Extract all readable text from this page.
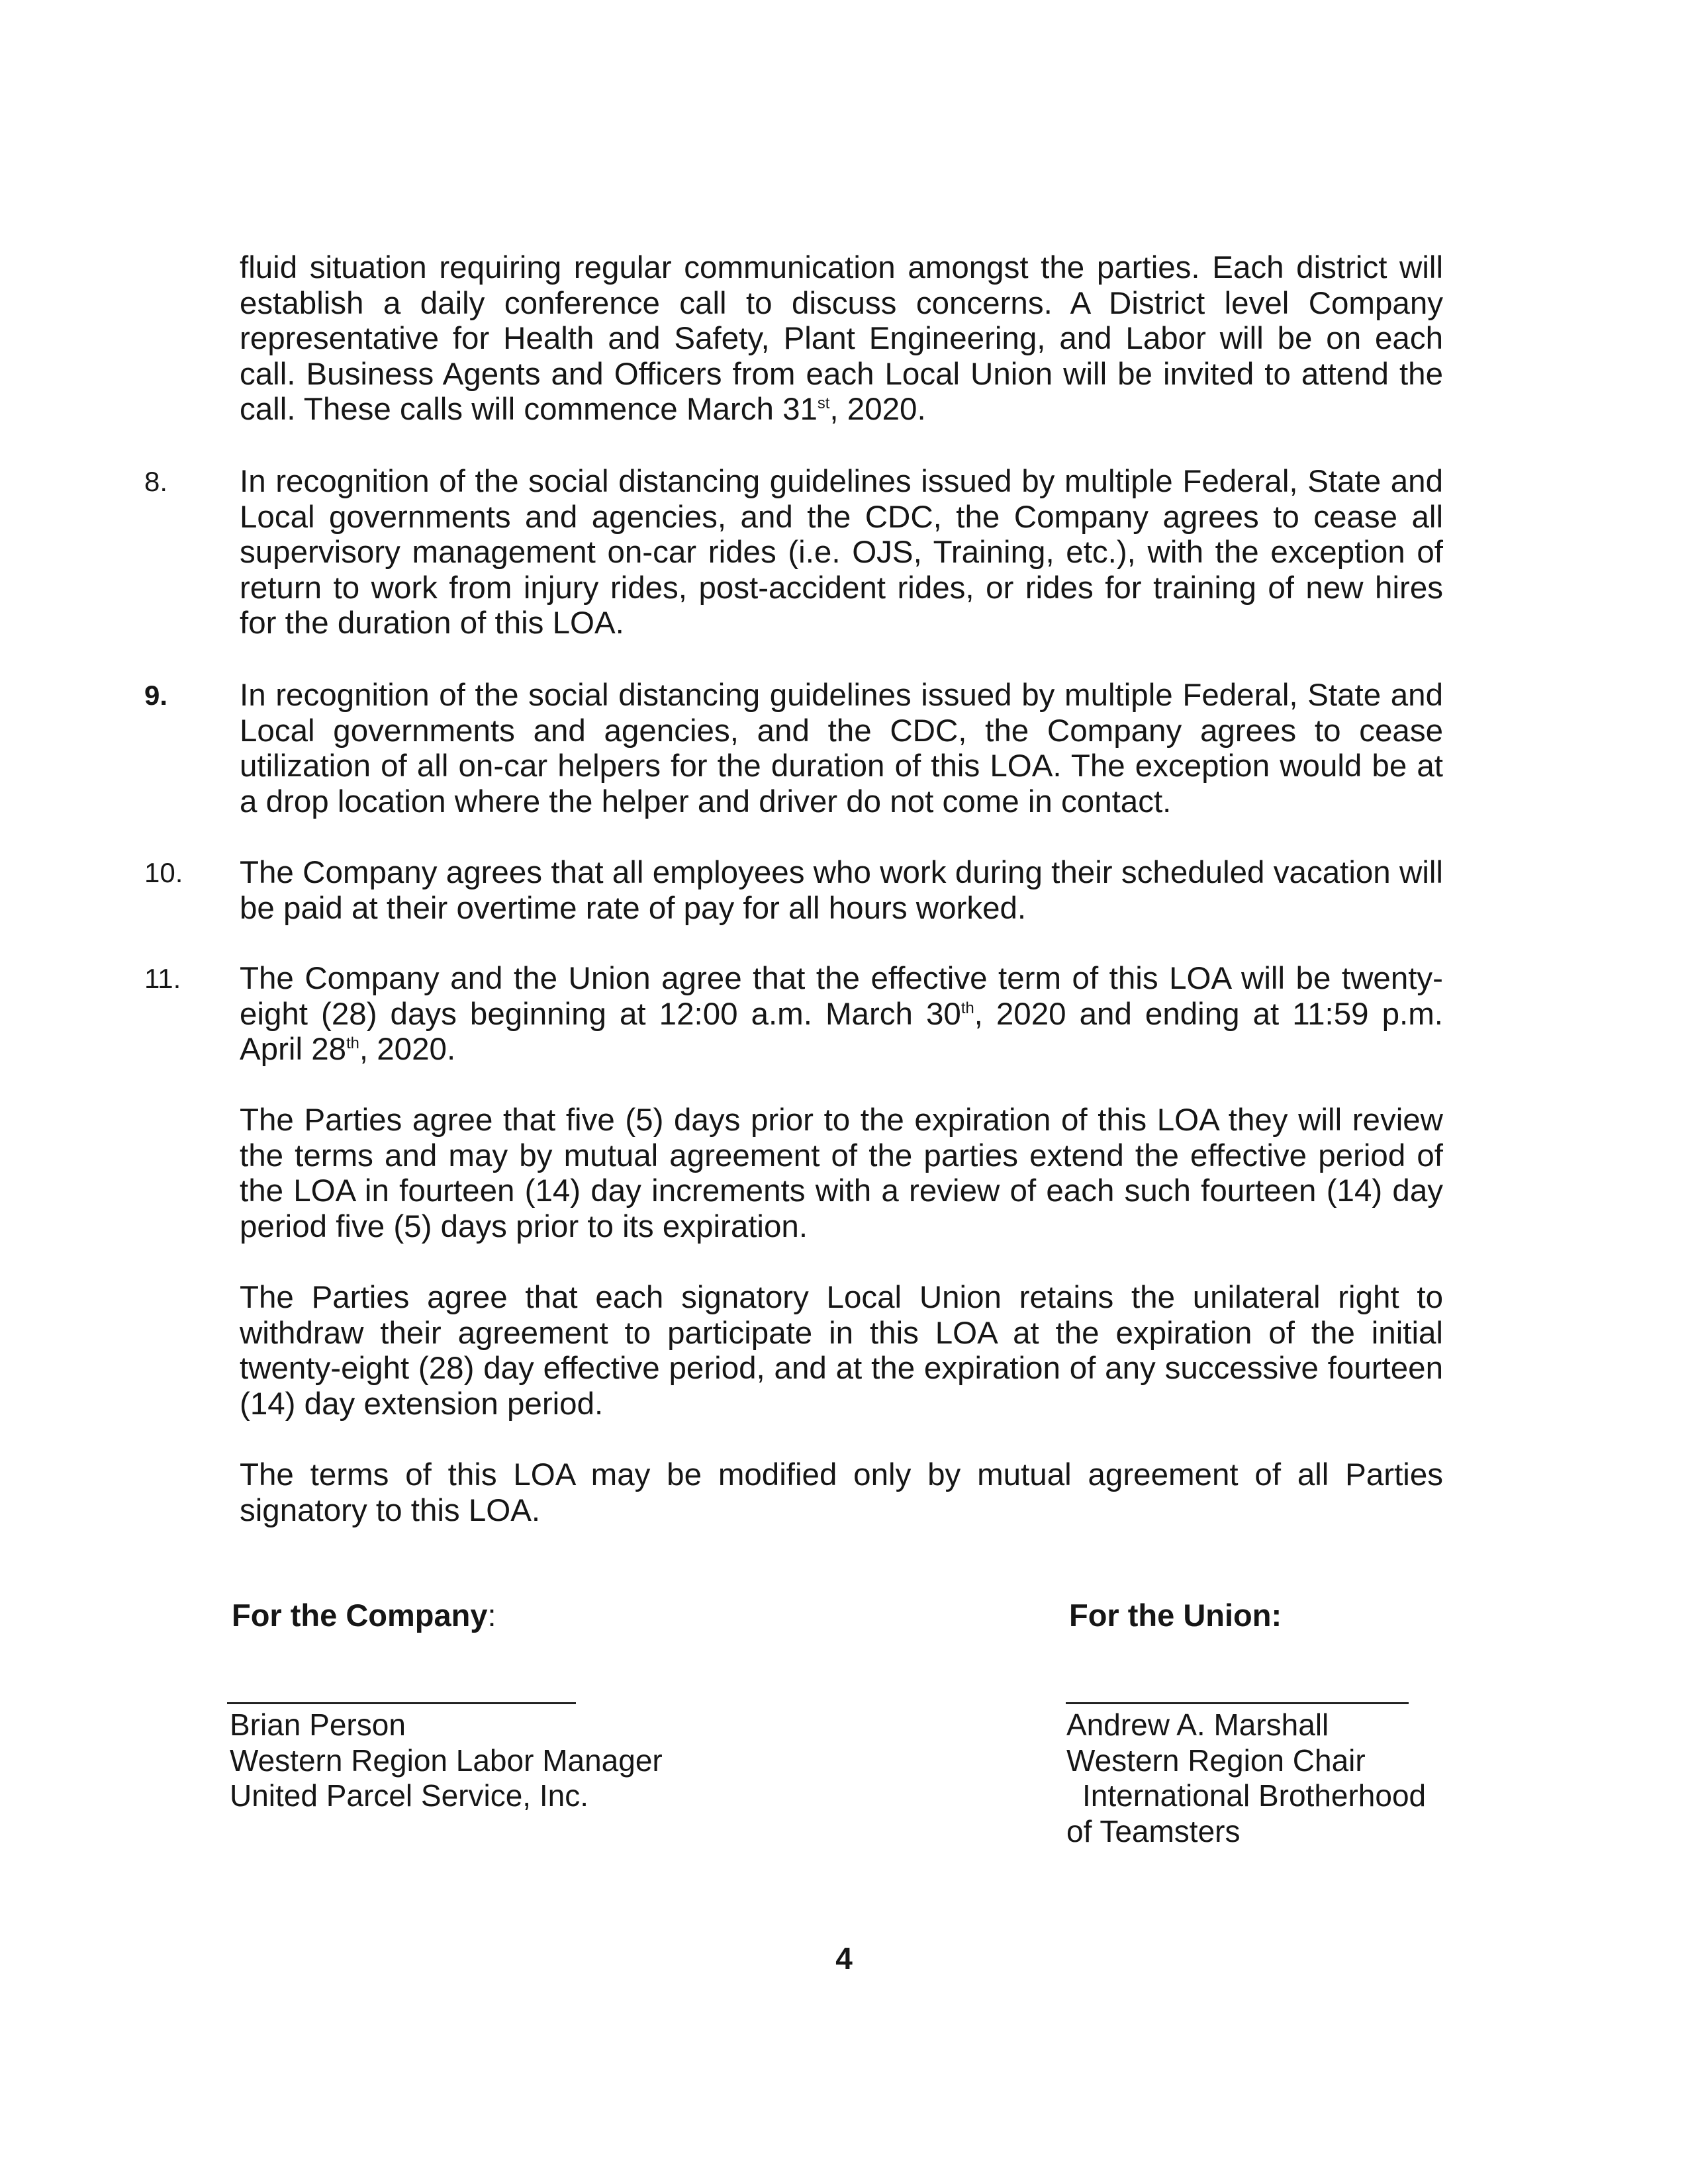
fluid situation requiring regular communication amongst the parties. Each district will establish a daily conference call to discuss concerns. A District level Company representative for Health and Safety, Plant Engineering, and Labor will be on each call. Business Agents and Officers from each Local Union will be invited to attend the call. These calls will commence March 31st, 2020.

8. In recognition of the social distancing guidelines issued by multiple Federal, State and Local governments and agencies, and the CDC, the Company agrees to cease all supervisory management on-car rides (i.e. OJS, Training, etc.), with the exception of return to work from injury rides, post-accident rides, or rides for training of new hires for the duration of this LOA.

9. In recognition of the social distancing guidelines issued by multiple Federal, State and Local governments and agencies, and the CDC, the Company agrees to cease utilization of all on-car helpers for the duration of this LOA. The exception would be at a drop location where the helper and driver do not come in contact.

10. The Company agrees that all employees who work during their scheduled vacation will be paid at their overtime rate of pay for all hours worked.

11. The Company and the Union agree that the effective term of this LOA will be twenty-eight (28) days beginning at 12:00 a.m. March 30th, 2020 and ending at 11:59 p.m. April 28th, 2020.

The Parties agree that five (5) days prior to the expiration of this LOA they will review the terms and may by mutual agreement of the parties extend the effective period of the LOA in fourteen (14) day increments with a review of each such fourteen (14) day period five (5) days prior to its expiration.

The Parties agree that each signatory Local Union retains the unilateral right to withdraw their agreement to participate in this LOA at the expiration of the initial twenty-eight (28) day effective period, and at the expiration of any successive fourteen (14) day extension period.

The terms of this LOA may be modified only by mutual agreement of all Parties signatory to this LOA.

For the Company:
Brian Person
Western Region Labor Manager
United Parcel Service, Inc.
For the Union:
Andrew A. Marshall
Western Region Chair
International Brotherhood
of Teamsters
4
